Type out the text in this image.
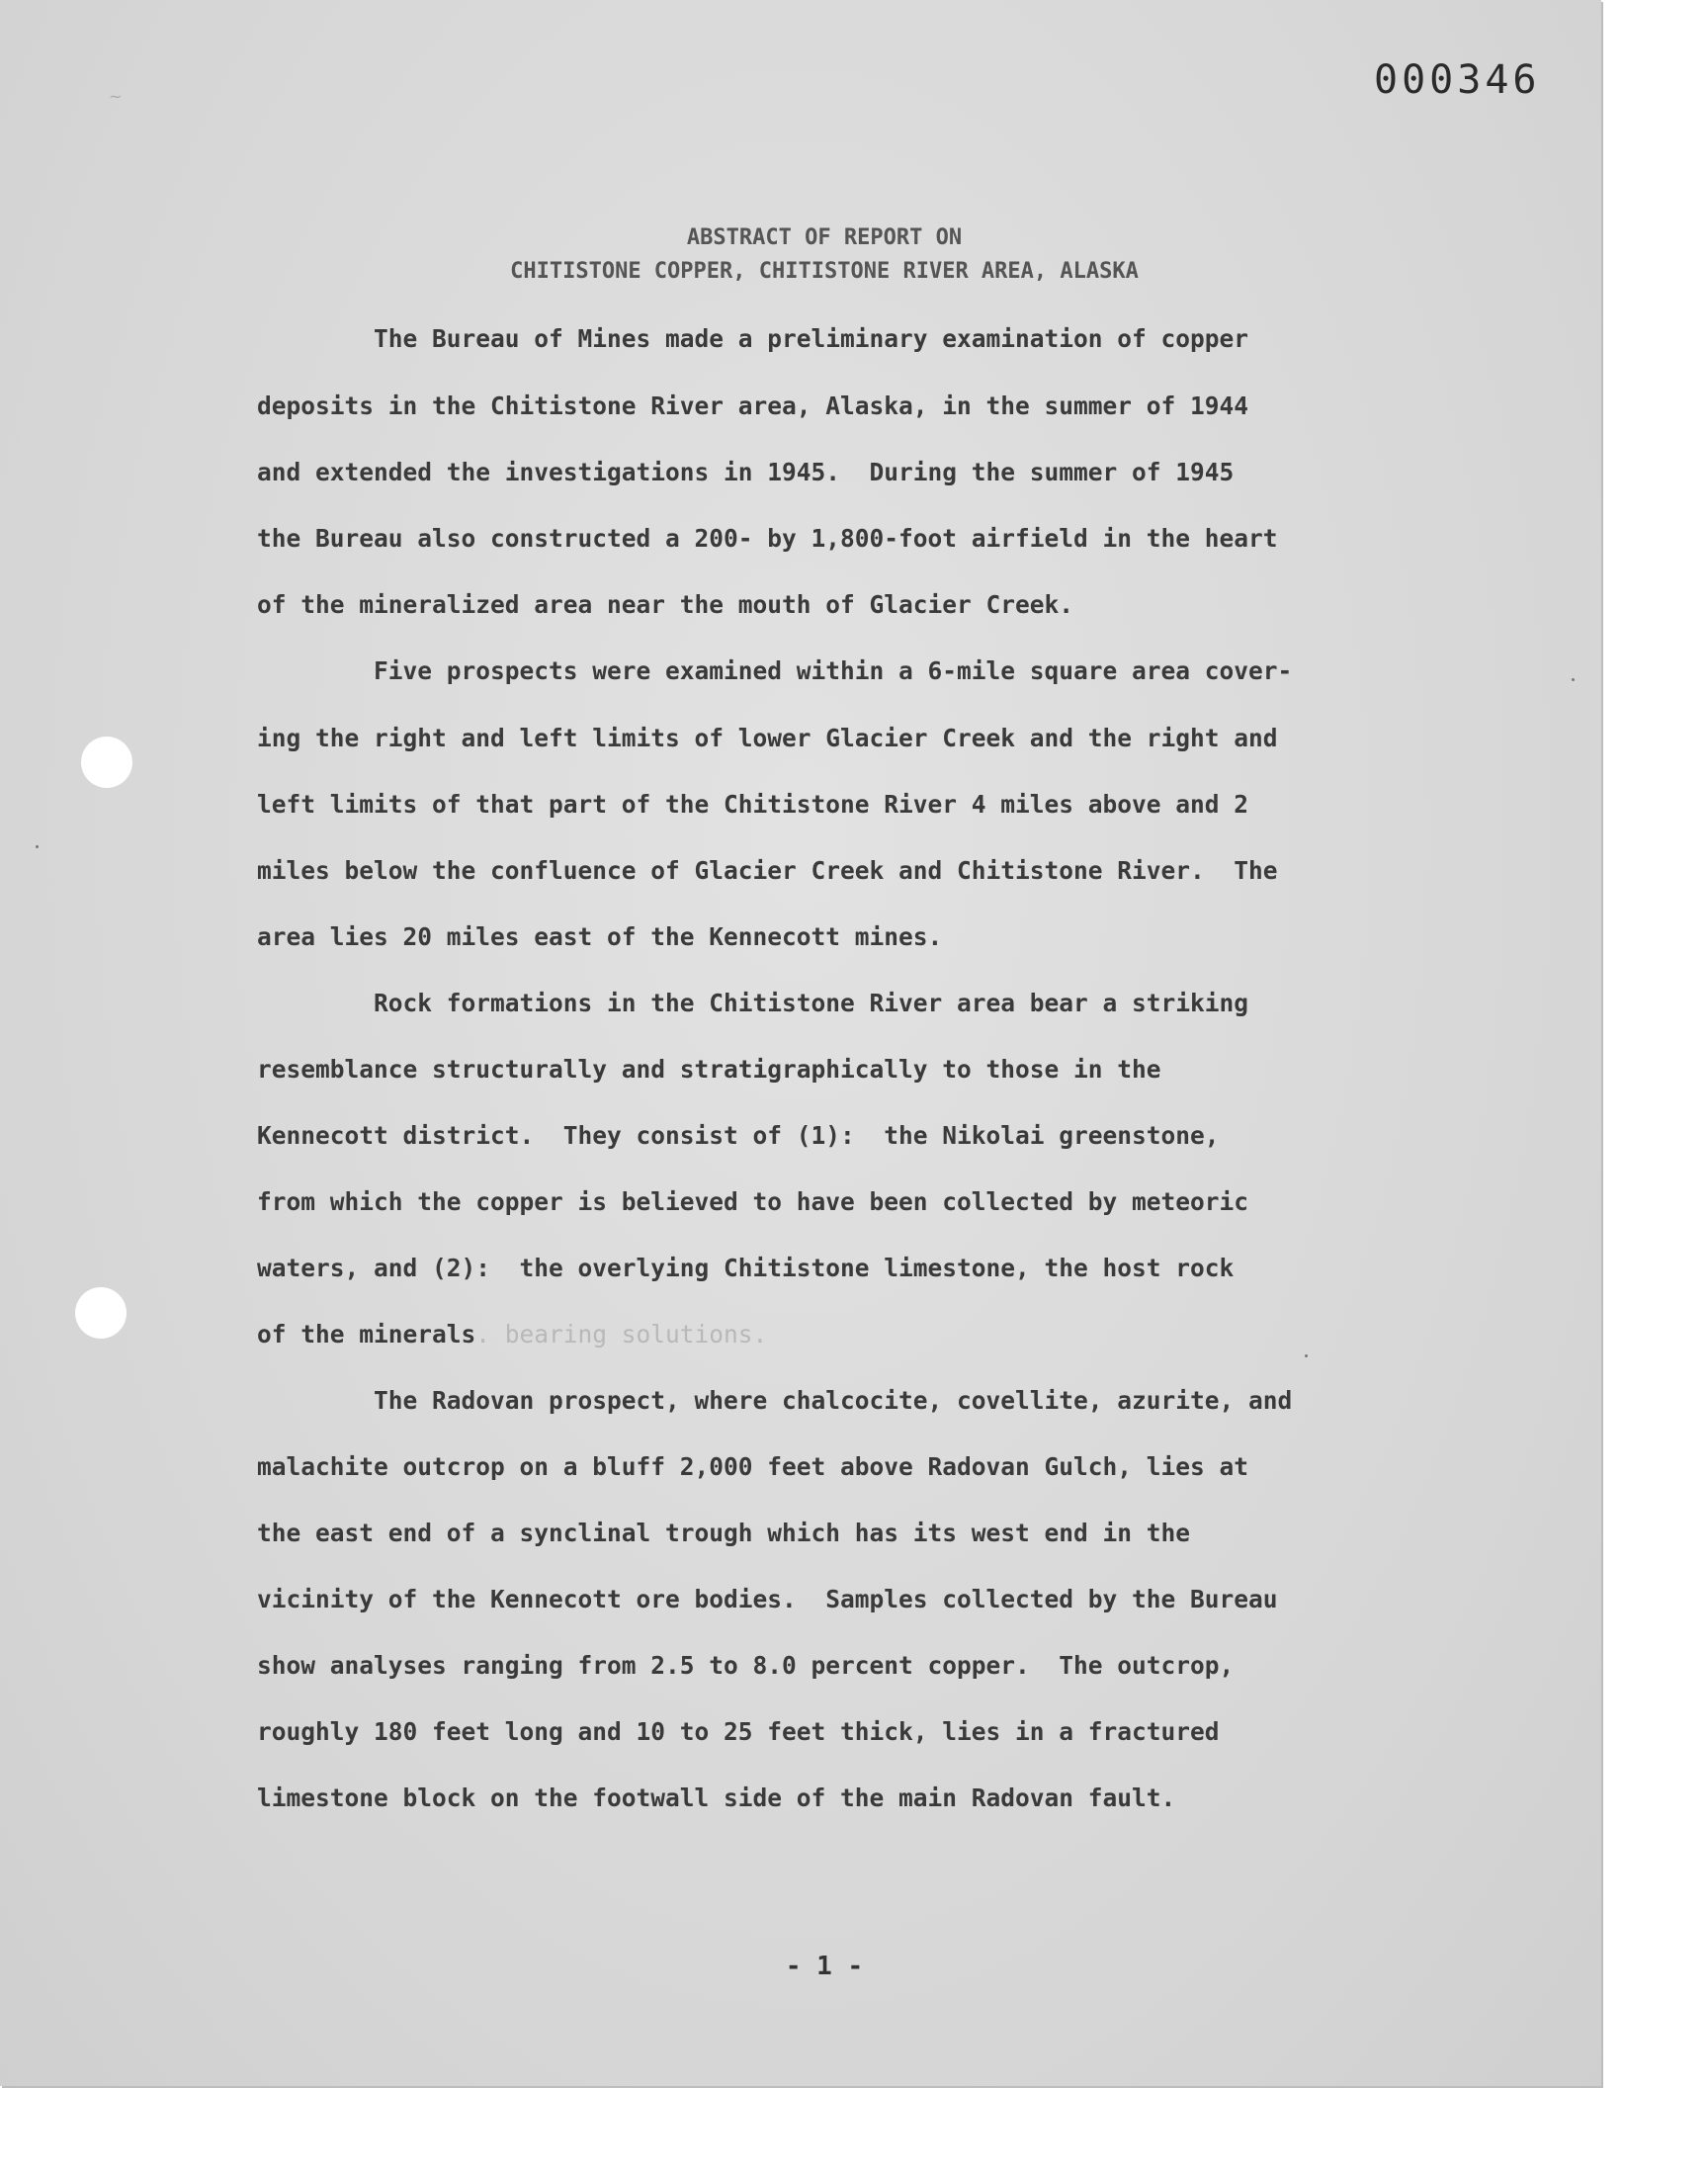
~	000346
ABSTRACT OF REPORT ON
CHITISTONE COPPER, CHITISTONE RIVER AREA, ALASKA
The Bureau of Mines made a preliminary examination of copper
deposits in the Chitistone River area, Alaska, in the summer of 1944
and extended the investigations in 1945.  During the summer of 1945
the Bureau also constructed a 200- by 1,800-foot airfield in the heart
of the mineralized area near the mouth of Glacier Creek.
Five prospects were examined within a 6-mile square area cover-
ing the right and left limits of lower Glacier Creek and the right and
left limits of that part of the Chitistone River 4 miles above and 2
miles below the confluence of Glacier Creek and Chitistone River.  The
area lies 20 miles east of the Kennecott mines.
Rock formations in the Chitistone River area bear a striking
resemblance structurally and stratigraphically to those in the
Kennecott district.  They consist of (1):  the Nikolai greenstone,
from which the copper is believed to have been collected by meteoric
waters, and (2):  the overlying Chitistone limestone, the host rock
of the minerals. bearing solutions.
The Radovan prospect, where chalcocite, covellite, azurite, and
malachite outcrop on a bluff 2,000 feet above Radovan Gulch, lies at
the east end of a synclinal trough which has its west end in the
vicinity of the Kennecott ore bodies.  Samples collected by the Bureau
show analyses ranging from 2.5 to 8.0 percent copper.  The outcrop,
roughly 180 feet long and 10 to 25 feet thick, lies in a fractured
limestone block on the footwall side of the main Radovan fault.
- 1 -
